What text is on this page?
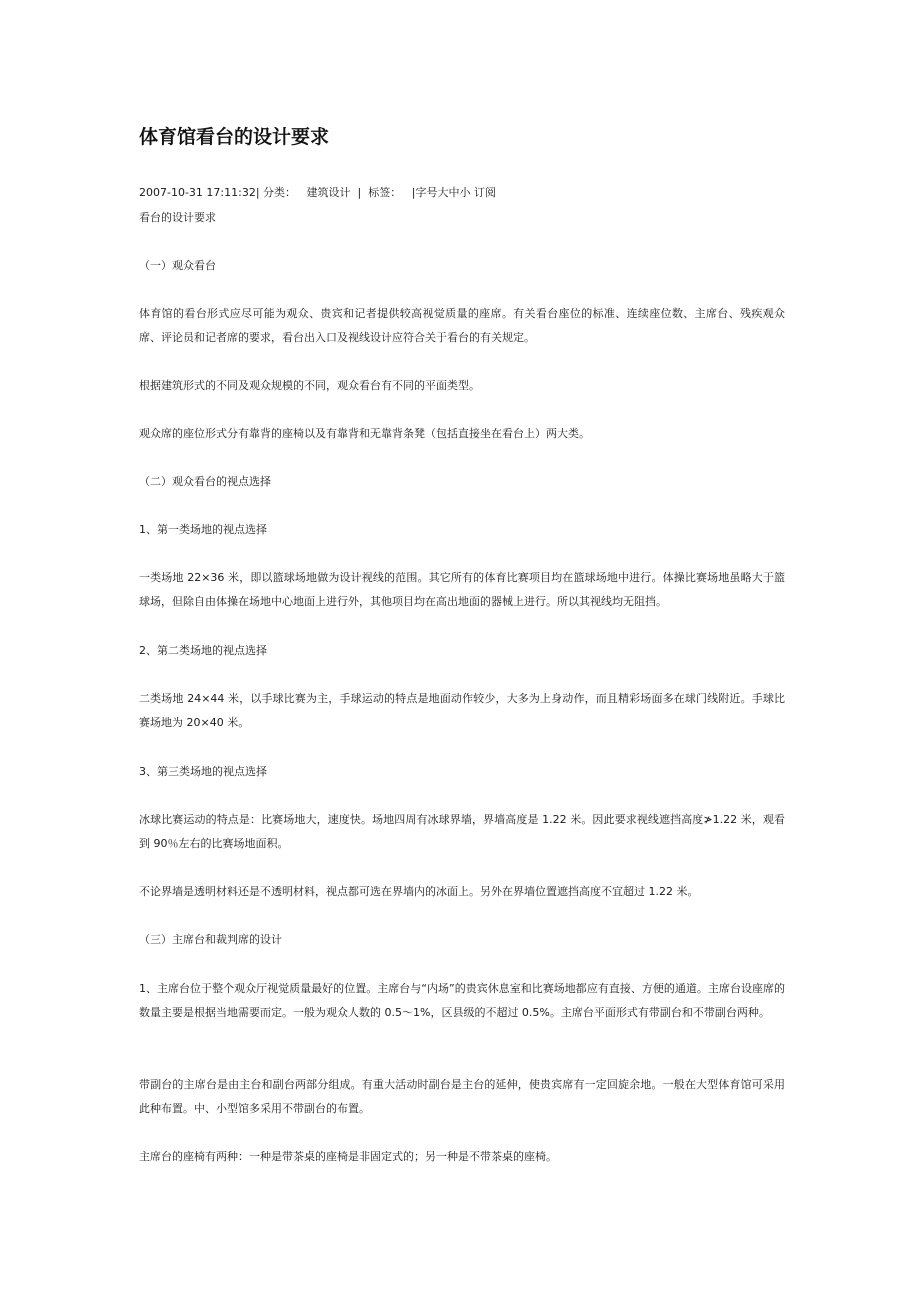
体育馆看台的设计要求
2007-10-31 17:11:32| 分类： 建筑设计 | 标签： |字号大中小 订阅

看台的设计要求

（一）观众看台

体育馆的看台形式应尽可能为观众、贵宾和记者提供较高视觉质量的座席。有关看台座位的标准、连续座位数、主席台、残疾观众席、评论员和记者席的要求，看台出入口及视线设计应符合关于看台的有关规定。

根据建筑形式的不同及观众规模的不同，观众看台有不同的平面类型。

观众席的座位形式分有靠背的座椅以及有靠背和无靠背条凳（包括直接坐在看台上）两大类。

（二）观众看台的视点选择

1、第一类场地的视点选择

一类场地 22×36 米，即以篮球场地做为设计视线的范围。其它所有的体育比赛项目均在篮球场地中进行。体操比赛场地虽略大于篮球场，但除自由体操在场地中心地面上进行外，其他项目均在高出地面的器械上进行。所以其视线均无阻挡。

2、第二类场地的视点选择

二类场地 24×44 米，以手球比赛为主，手球运动的特点是地面动作较少，大多为上身动作，而且精彩场面多在球门线附近。手球比赛场地为 20×40 米。

3、第三类场地的视点选择

冰球比赛运动的特点是：比赛场地大，速度快。场地四周有冰球界墙，界墙高度是 1.22 米。因此要求视线遮挡高度≯1.22 米，观看到 90％左右的比赛场地面积。

不论界墙是透明材料还是不透明材料，视点都可选在界墙内的冰面上。另外在界墙位置遮挡高度不宜超过 1.22 米。

（三）主席台和裁判席的设计

1、主席台位于整个观众厅视觉质量最好的位置。主席台与“内场”的贵宾休息室和比赛场地都应有直接、方便的通道。主席台设座席的数量主要是根据当地需要而定。一般为观众人数的 0.5～1%，区县级的不超过 0.5%。主席台平面形式有带副台和不带副台两种。

带副台的主席台是由主台和副台两部分组成。有重大活动时副台是主台的延伸，使贵宾席有一定回旋余地。一般在大型体育馆可采用此种布置。中、小型馆多采用不带副台的布置。

主席台的座椅有两种：一种是带茶桌的座椅是非固定式的；另一种是不带茶桌的座椅。
